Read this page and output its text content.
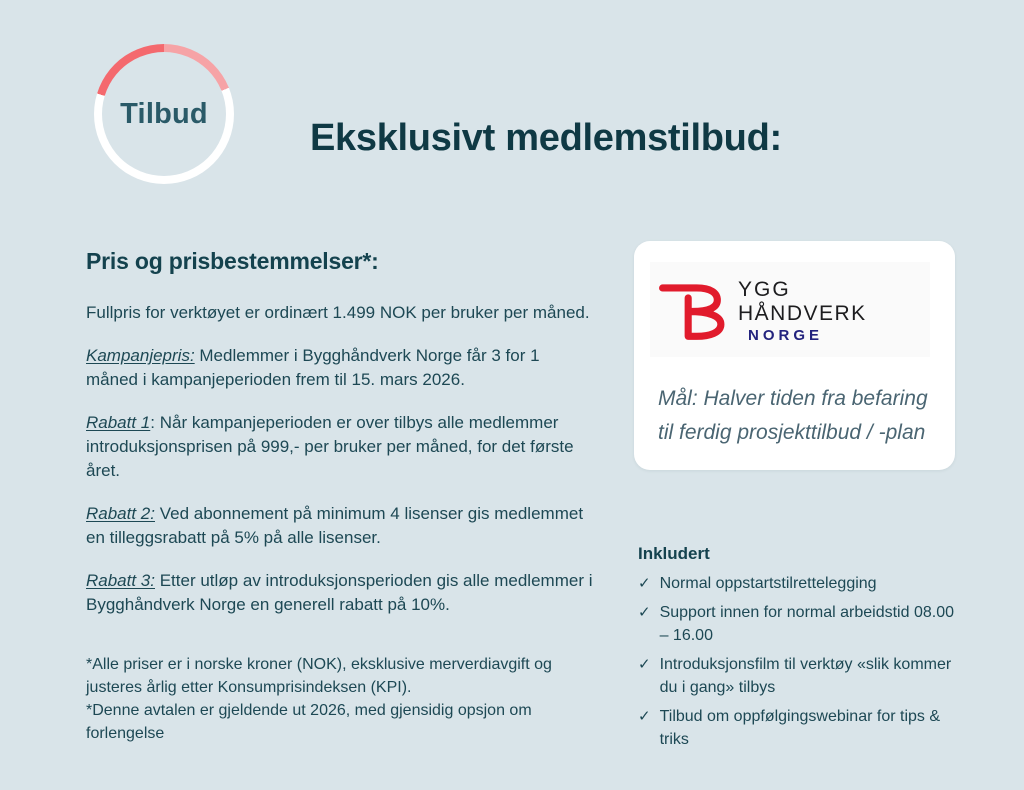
Tilbud
Eksklusivt medlemstilbud:
Pris og prisbestemmelser*:

Fullpris for verktøyet er ordinært 1.499 NOK per bruker per måned.

Kampanjepris: Medlemmer i Bygghåndverk Norge får 3 for 1 måned i kampanjeperioden frem til 15. mars 2026.

Rabatt 1: Når kampanjeperioden er over tilbys alle medlemmer introduksjonsprisen på 999,- per bruker per måned, for det første året.

Rabatt 2: Ved abonnement på minimum 4 lisenser gis medlemmet en tilleggsrabatt på 5% på alle lisenser.

Rabatt 3: Etter utløp av introduksjonsperioden gis alle medlemmer i Bygghåndverk Norge en generell rabatt på 10%.

*Alle priser er i norske kroner (NOK), eksklusive merverdiavgift og justeres årlig etter Konsumprisindeksen (KPI).
*Denne avtalen er gjeldende ut 2026, med gjensidig opsjon om forlengelse
YGG
HÅNDVERK
NORGE
Mål: Halver tiden fra befaring til ferdig prosjekttilbud / -plan
Inkludert
✓ Normal oppstartstilrettelegging
✓ Support innen for normal arbeidstid 08.00 – 16.00
✓ Introduksjonsfilm til verktøy «slik kommer du i gang» tilbys
✓ Tilbud om oppfølgingswebinar for tips & triks
